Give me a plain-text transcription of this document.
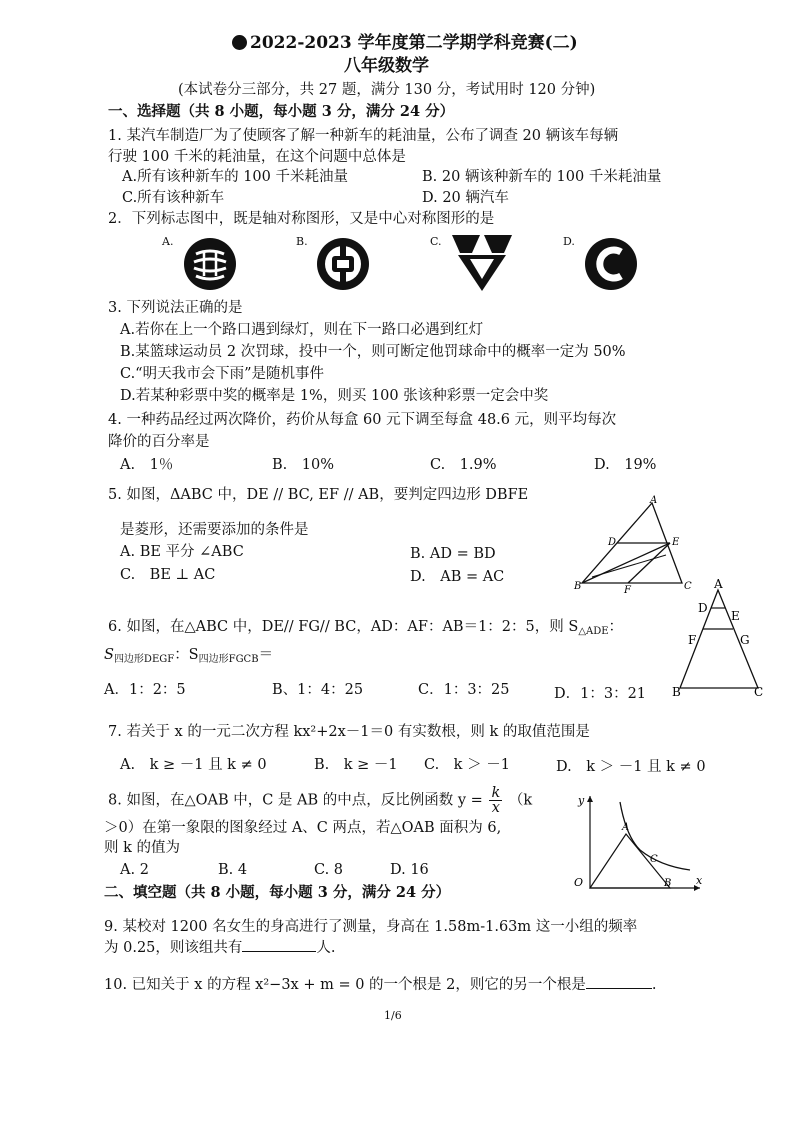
2022-2023 学年度第二学期学科竞赛(二)
八年级数学
(本试卷分三部分，共 27 题，满分 130 分，考试用时 120 分钟)
一、选择题（共 8 小题，每小题 3 分，满分 24 分）
1. 某汽车制造厂为了使顾客了解一种新车的耗油量，公布了调查 20 辆该车每辆
行驶 100 千米的耗油量，在这个问题中总体是
A.所有该种新车的 100 千米耗油量	B. 20 辆该种新车的 100 千米耗油量
C.所有该种新车	D. 20 辆汽车
2．下列标志图中，既是轴对称图形，又是中心对称图形的是
A.	B.	C.	D.
3. 下列说法正确的是
A.若你在上一个路口遇到绿灯，则在下一路口必遇到红灯
B.某篮球运动员 2 次罚球，投中一个，则可断定他罚球命中的概率一定为 50%
C.“明天我市会下雨”是随机事件
D.若某种彩票中奖的概率是 1%，则买 100 张该种彩票一定会中奖
4. 一种药品经过两次降价，药价从每盒 60 元下调至每盒 48.6 元，则平均每次
降价的百分率是
A.　1％	B.　10%	C.　1.9%	D.　19%
5. 如图，ΔABC 中，DE // BC, EF // AB，要判定四边形 DBFE
是菱形，还需要添加的条件是
A. BE 平分 ∠ABC	B. AD = BD
C.　BE ⊥ AC	D.　AB = AC
A
D	E
B	F	C
6. 如图，在△ABC 中，DE// FG// BC，AD：AF：AB＝1：2：5，则 $S_{\triangle ADE}$：
$S_{四边形DEGF}$：$S_{四边形FGCB}=$
A．1：2：5	B、1：4：25	C．1：3：25	D．1：3：21
A
D
E
F	G
B	C
7. 若关于 x 的一元二次方程 kx²+2x－1＝0 有实数根，则 k 的取值范围是
A.　k ≥ －1 且 k ≠ 0	B.　k ≥ －1 C.　k ＞ －1	D.　k ＞ －1 且 k ≠ 0
8. 如图，在△OAB 中，C 是 AB 的中点，反比例函数 $y = \frac{k}{x} (k$
＞0）在第一象限的图象经过 A、C 两点，若△OAB 面积为 6,
则 k 的值为
A. 2	B. 4	C. 8	D. 16
y
A
C
O	B x
二、填空题（共 8 小题，每小题 3 分，满分 24 分）
9. 某校对 1200 名女生的身高进行了测量，身高在 1.58m-1.63m 这一小组的频率
为 0.25，则该组共有	人.
10. 已知关于 x 的方程 x²−3x + m = 0 的一个根是 2，则它的另一个根是	.
1/6
